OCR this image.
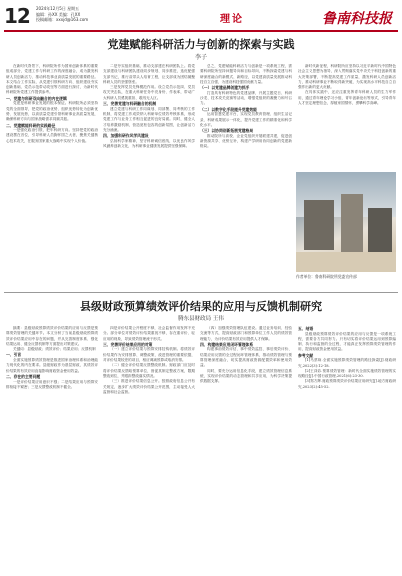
12 2024年12月5日 星期五
编辑：孙XX 美编：孔XX
投稿邮箱：xxxjd@163.com	理论	鲁南科技报
党建赋能科研活力与创新的探索与实践
李子
在新时代背景下，科研院所作为国家创新体系的重要组成部分，党建工作与科研工作的深度融合，成为激发科研人员创新活力、推动科技事业高质量发展的重要路径。本文结合工作实际，从党建引领科研方向、组织建设夯实创新基础、党员示范带动攻坚等方面进行探讨，为新时代科研院所党建工作提供参考。
一、党建与科研双向融合的内在逻辑
党建是科研事业发展的根本保证。科研院所必须坚持党的全面领导，把党的政治优势、组织优势转化为创新优势、发展优势，以高质量党建引领科研事业高质量发展，确保科研方向与国家战略需求同频共振。
二、党建赋能科研的实践路径
一是强化政治引领，把牢科研方向。坚持把党的政治建设摆在首位，引导科研人员胸怀国之大者，聚焦关键核心技术攻关，在服务国家重大战略中实现个人价值。
二是夯实组织基础，推动支部建在科研团队上。将党支部建设与科研团队建设同步规划、同步推进，选优配强支部书记，推行双带头人培育工程，让支部成为团结凝聚科研人员的坚强堡垒。
三是发挥党员先锋模范作用。设立党员示范岗、党员攻关突击队，在重大科研任务中亮身份、作表率，带动广大科研人员勇挑重担、敢闯无人区。
三、完善党建与科研融合的机制
建立党建与科研工作同谋划、同部署、同考核的工作机制，将党建工作成效纳入科研单位绩效考核体系，形成党建工作与业务工作相互促进的良好局面。同时，健全人才培养激励机制，营造宽松包容的创新氛围，让创新活力充分涌流。
四、加强科研作风学风建设
弘扬科学家精神，坚守科研诚信底线，以优良作风学风涵养创新文化，为科研事业健康发展提供坚强保障。
总之，党建赋能科研活力与创新是一项系统工程，需要科研院所坚持问题导向和目标导向，不断探索党建与科研深度融合的新模式、新路径，以党建高质量发展推动科技自立自强，为建设科技强国贡献力量。
（一）以党建品牌创建为抓手
打造具有科研特色的党建品牌，开展主题党日、科研沙龙、技术攻关竞赛等活动，增强党组织的凝聚力和号召力。
（二）以数字化手段提升党建效能
运用智慧党建平台，实现党员教育管理、组织生活记录、科研成果展示一体化，提升党建工作的精准化和科学化水平。
（三）以协同创新拓展党建格局
推动院所与高校、企业党组织开展联建共建，促进创新资源共享、优势互补，构建产学研用协同创新的党建新格局。
新时代新征程，科研院所应坚持以习近平新时代中国特色社会主义思想为指导，深入贯彻落实党中央关于科技创新的重大决策部署，不断提高党建工作质量，激发科研人员创新活力，推动科研事业不断取得新突破，为实现高水平科技自立自强作出新的更大贡献。
在具体实践中，还应注重发挥青年科研人员的生力军作用，通过青年理论学习小组、青年创新论坛等形式，引导青年人才坚定理想信念，厚植家国情怀，勇攀科学高峰。
作者单位：鲁南科研院所党委宣传部
县级财政预算绩效评价结果的应用与反馈机制研究
腾东县财政局 王伟
摘要：县级财政预算绩效评价结果的应用与反馈是预算绩效管理的关键环节。本文分析了当前县级财政预算绩效评价结果应用中存在的问题，并从完善制度体系、强化结果运用、健全反馈机制等方面提出对策建议。
关键词：县级财政；绩效评价；结果应用；反馈机制
一、引言
全面实施预算绩效管理是推进国家治理体系和治理能力现代化的内在要求。县级财政作为基层财政，其绩效评价结果的有效应用直接影响财政资金使用效益。
二、存在的主要问题
一是评价结果应用意识不强；二是结果应用与预算安排衔接不紧密；三是反馈整改机制不健全。
四是评价结果公开程度不够，社会监督作用发挥不充分。部分单位对绩效评价结果重视不够，存在重评价、轻应用的现象，导致绩效管理流于形式。
三、完善评价结果应用的对策
（一）建立评价结果与预算安排挂钩机制。将绩效评价结果作为安排预算、调整政策、改进管理的重要依据，对评价结果较差的项目，相应调减预算或取消安排。
（二）健全评价结果反馈整改机制。财政部门应及时将评价结果反馈给预算单位，督促其制定整改方案，限期整改到位，并跟踪整改落实情况。
（三）推进评价结果信息公开。按照政府信息公开有关规定，逐步扩大绩效评价结果公开范围，主动接受人大监督和社会监督。
（四）加强绩效管理队伍建设。通过业务培训、经验交流等方式，提高财政部门和预算单位工作人员的绩效管理能力，为评价结果有效应用提供人才保障。
四、构建结果应用闭环管理体系
构建事前绩效评估、事中绩效监控、事后绩效评价、结果应用反馈的全过程闭环管理体系，推动绩效管理与预算管理深度融合，切实提高财政资源配置效率和使用效益。
同时，要充分运用信息化手段，建立绩效管理信息系统，实现评价结果的动态管理和共享应用，为科学决策提供数据支撑。
五、结语
县级财政预算绩效评价结果的应用与反馈是一项系统工程，需要各方共同努力。只有切实将评价结果运用到预算编制、执行和监督的全过程，才能真正发挥预算绩效管理的作用，提高财政资金使用效益。
参考文献
[1]马蔡琛.全面实施预算绩效管理的路径探索[J].财政研究,2022(3):12-18.
[2]王泽彩.预算绩效管理：新时代全面实施绩效管理的实现路径[J].中国行政管理,2021(6):23-30.
[3]郑方辉.财政预算绩效评价结果应用研究[J].地方财政研究,2023(2):45-52.
